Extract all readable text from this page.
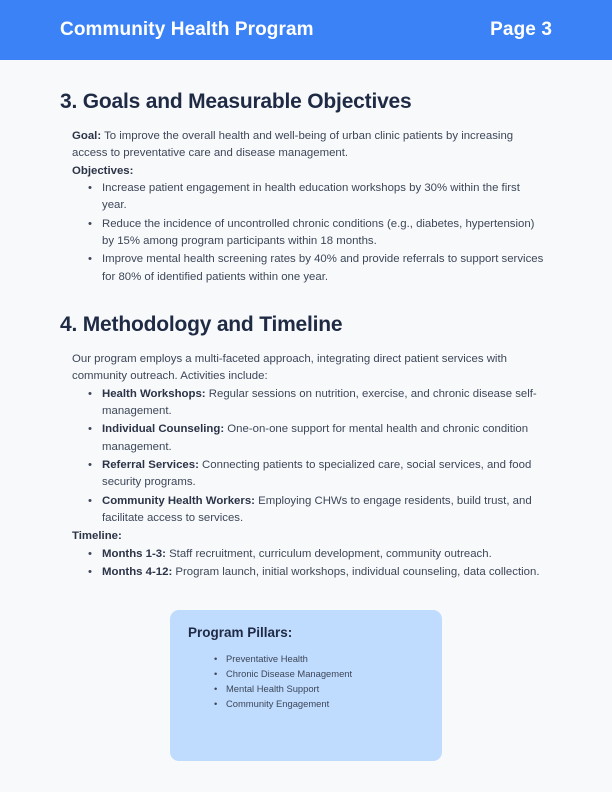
Community Health Program	Page 3
3. Goals and Measurable Objectives

Goal: To improve the overall health and well-being of urban clinic patients by increasing access to preventative care and disease management.

Objectives:

• Increase patient engagement in health education workshops by 30% within the first year.
• Reduce the incidence of uncontrolled chronic conditions (e.g., diabetes, hypertension) by 15% among program participants within 18 months.
• Improve mental health screening rates by 40% and provide referrals to support services for 80% of identified patients within one year.
4. Methodology and Timeline

Our program employs a multi-faceted approach, integrating direct patient services with community outreach. Activities include:

• Health Workshops: Regular sessions on nutrition, exercise, and chronic disease self-management.
• Individual Counseling: One-on-one support for mental health and chronic condition management.
• Referral Services: Connecting patients to specialized care, social services, and food security programs.
• Community Health Workers: Employing CHWs to engage residents, build trust, and facilitate access to services.

Timeline:

• Months 1-3: Staff recruitment, curriculum development, community outreach.
• Months 4-12: Program launch, initial workshops, individual counseling, data collection.

Program Pillars:

• Preventative Health
• Chronic Disease Management
• Mental Health Support
• Community Engagement
